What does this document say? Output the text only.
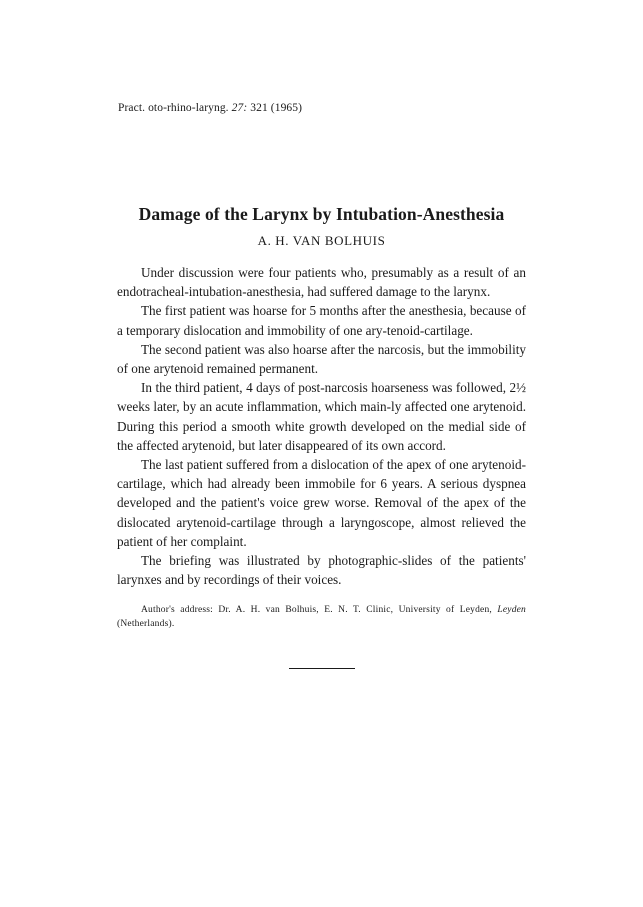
Pract. oto-rhino-laryng. 27: 321 (1965)
Damage of the Larynx by Intubation-Anesthesia
A. H. VAN BOLHUIS

Under discussion were four patients who, presumably as a result of an endotracheal-intubation-anesthesia, had suffered damage to the larynx.

The first patient was hoarse for 5 months after the anesthesia, because of a temporary dislocation and immobility of one ary-tenoid-cartilage.

The second patient was also hoarse after the narcosis, but the immobility of one arytenoid remained permanent.

In the third patient, 4 days of post-narcosis hoarseness was followed, 2½ weeks later, by an acute inflammation, which main-ly affected one arytenoid. During this period a smooth white growth developed on the medial side of the affected arytenoid, but later disappeared of its own accord.

The last patient suffered from a dislocation of the apex of one arytenoid-cartilage, which had already been immobile for 6 years. A serious dyspnea developed and the patient's voice grew worse. Removal of the apex of the dislocated arytenoid-cartilage through a laryngoscope, almost relieved the patient of her complaint.

The briefing was illustrated by photographic-slides of the patients' larynxes and by recordings of their voices.

Author's address: Dr. A. H. van Bolhuis, E. N. T. Clinic, University of Leyden, Leyden (Netherlands).
